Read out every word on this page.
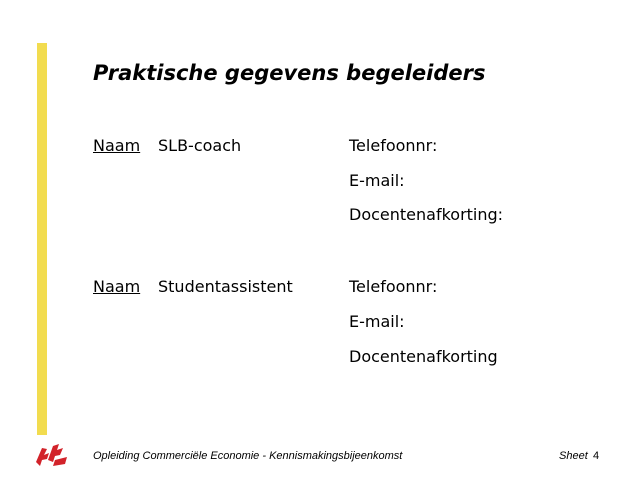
Praktische gegevens begeleiders
Naam SLB-coach	Telefoonnr:
E-mail:
Docentenafkorting:
Naam Studentassistent	Telefoonnr:
E-mail:
Docentenafkorting
Opleiding Commerciële Economie - Kennismakingsbijeenkomst	Sheet 4
